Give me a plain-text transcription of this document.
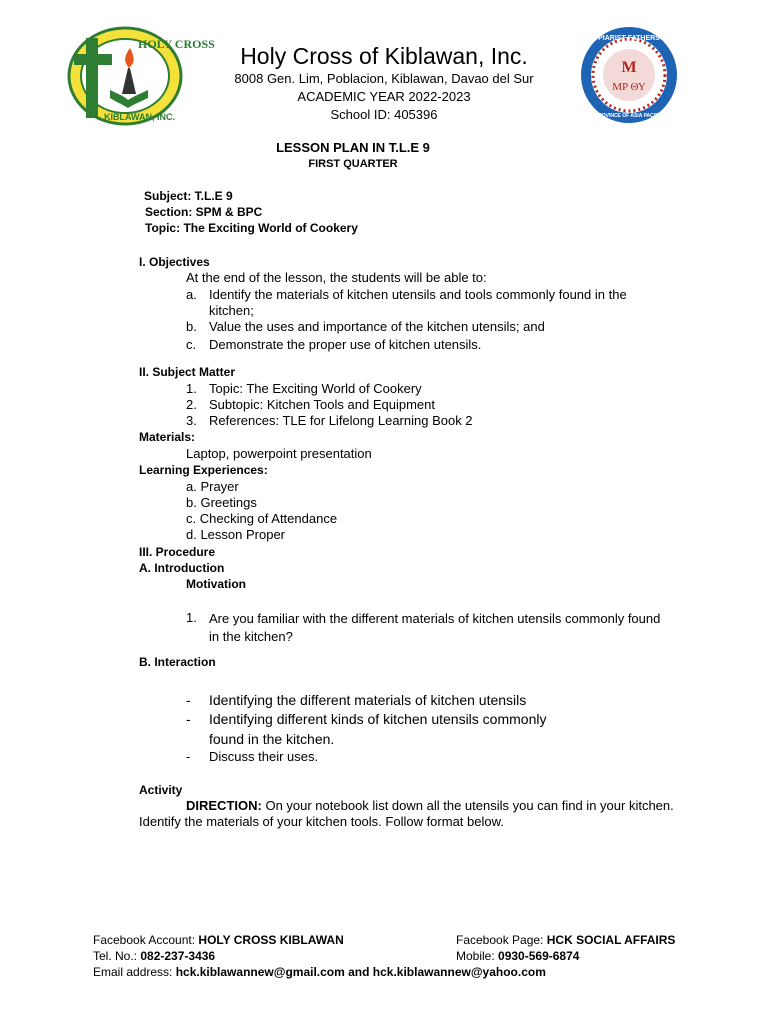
HOLY CROSS
KIBLAWAN, INC.
M
MP ΘΥ
PIARIST FATHERS
PROVINCE OF ASIA PACIFIC
Holy Cross of Kiblawan, Inc.
8008 Gen. Lim, Poblacion, Kiblawan, Davao del Sur
ACADEMIC YEAR 2022-2023
School ID: 405396
LESSON PLAN IN T.L.E 9
FIRST QUARTER
Subject: T.L.E 9
Section: SPM & BPC
Topic: The Exciting World of Cookery
I. Objectives
At the end of the lesson, the students will be able to:
a. Identify the materials of kitchen utensils and tools commonly found in the
kitchen;
b. Value the uses and importance of the kitchen utensils; and
c. Demonstrate the proper use of kitchen utensils.
II. Subject Matter
1. Topic: The Exciting World of Cookery
2. Subtopic: Kitchen Tools and Equipment
3. References: TLE for Lifelong Learning Book 2
Materials:
Laptop, powerpoint presentation
Learning Experiences:
a. Prayer
b. Greetings
c. Checking of Attendance
d. Lesson Proper
III. Procedure
A. Introduction
Motivation
1. Are you familiar with the different materials of kitchen utensils commonly found
in the kitchen?
B. Interaction
- Identifying the different materials of kitchen utensils
- Identifying different kinds of kitchen utensils commonly
found in the kitchen.
- Discuss their uses.
Activity
DIRECTION: On your notebook list down all the utensils you can find in your kitchen.
Identify the materials of your kitchen tools. Follow format below.
Facebook Account: HOLY CROSS KIBLAWAN	Facebook Page: HCK SOCIAL AFFAIRS
Tel. No.: 082-237-3436	Mobile: 0930-569-6874
Email address: hck.kiblawannew@gmail.com and hck.kiblawannew@yahoo.com
